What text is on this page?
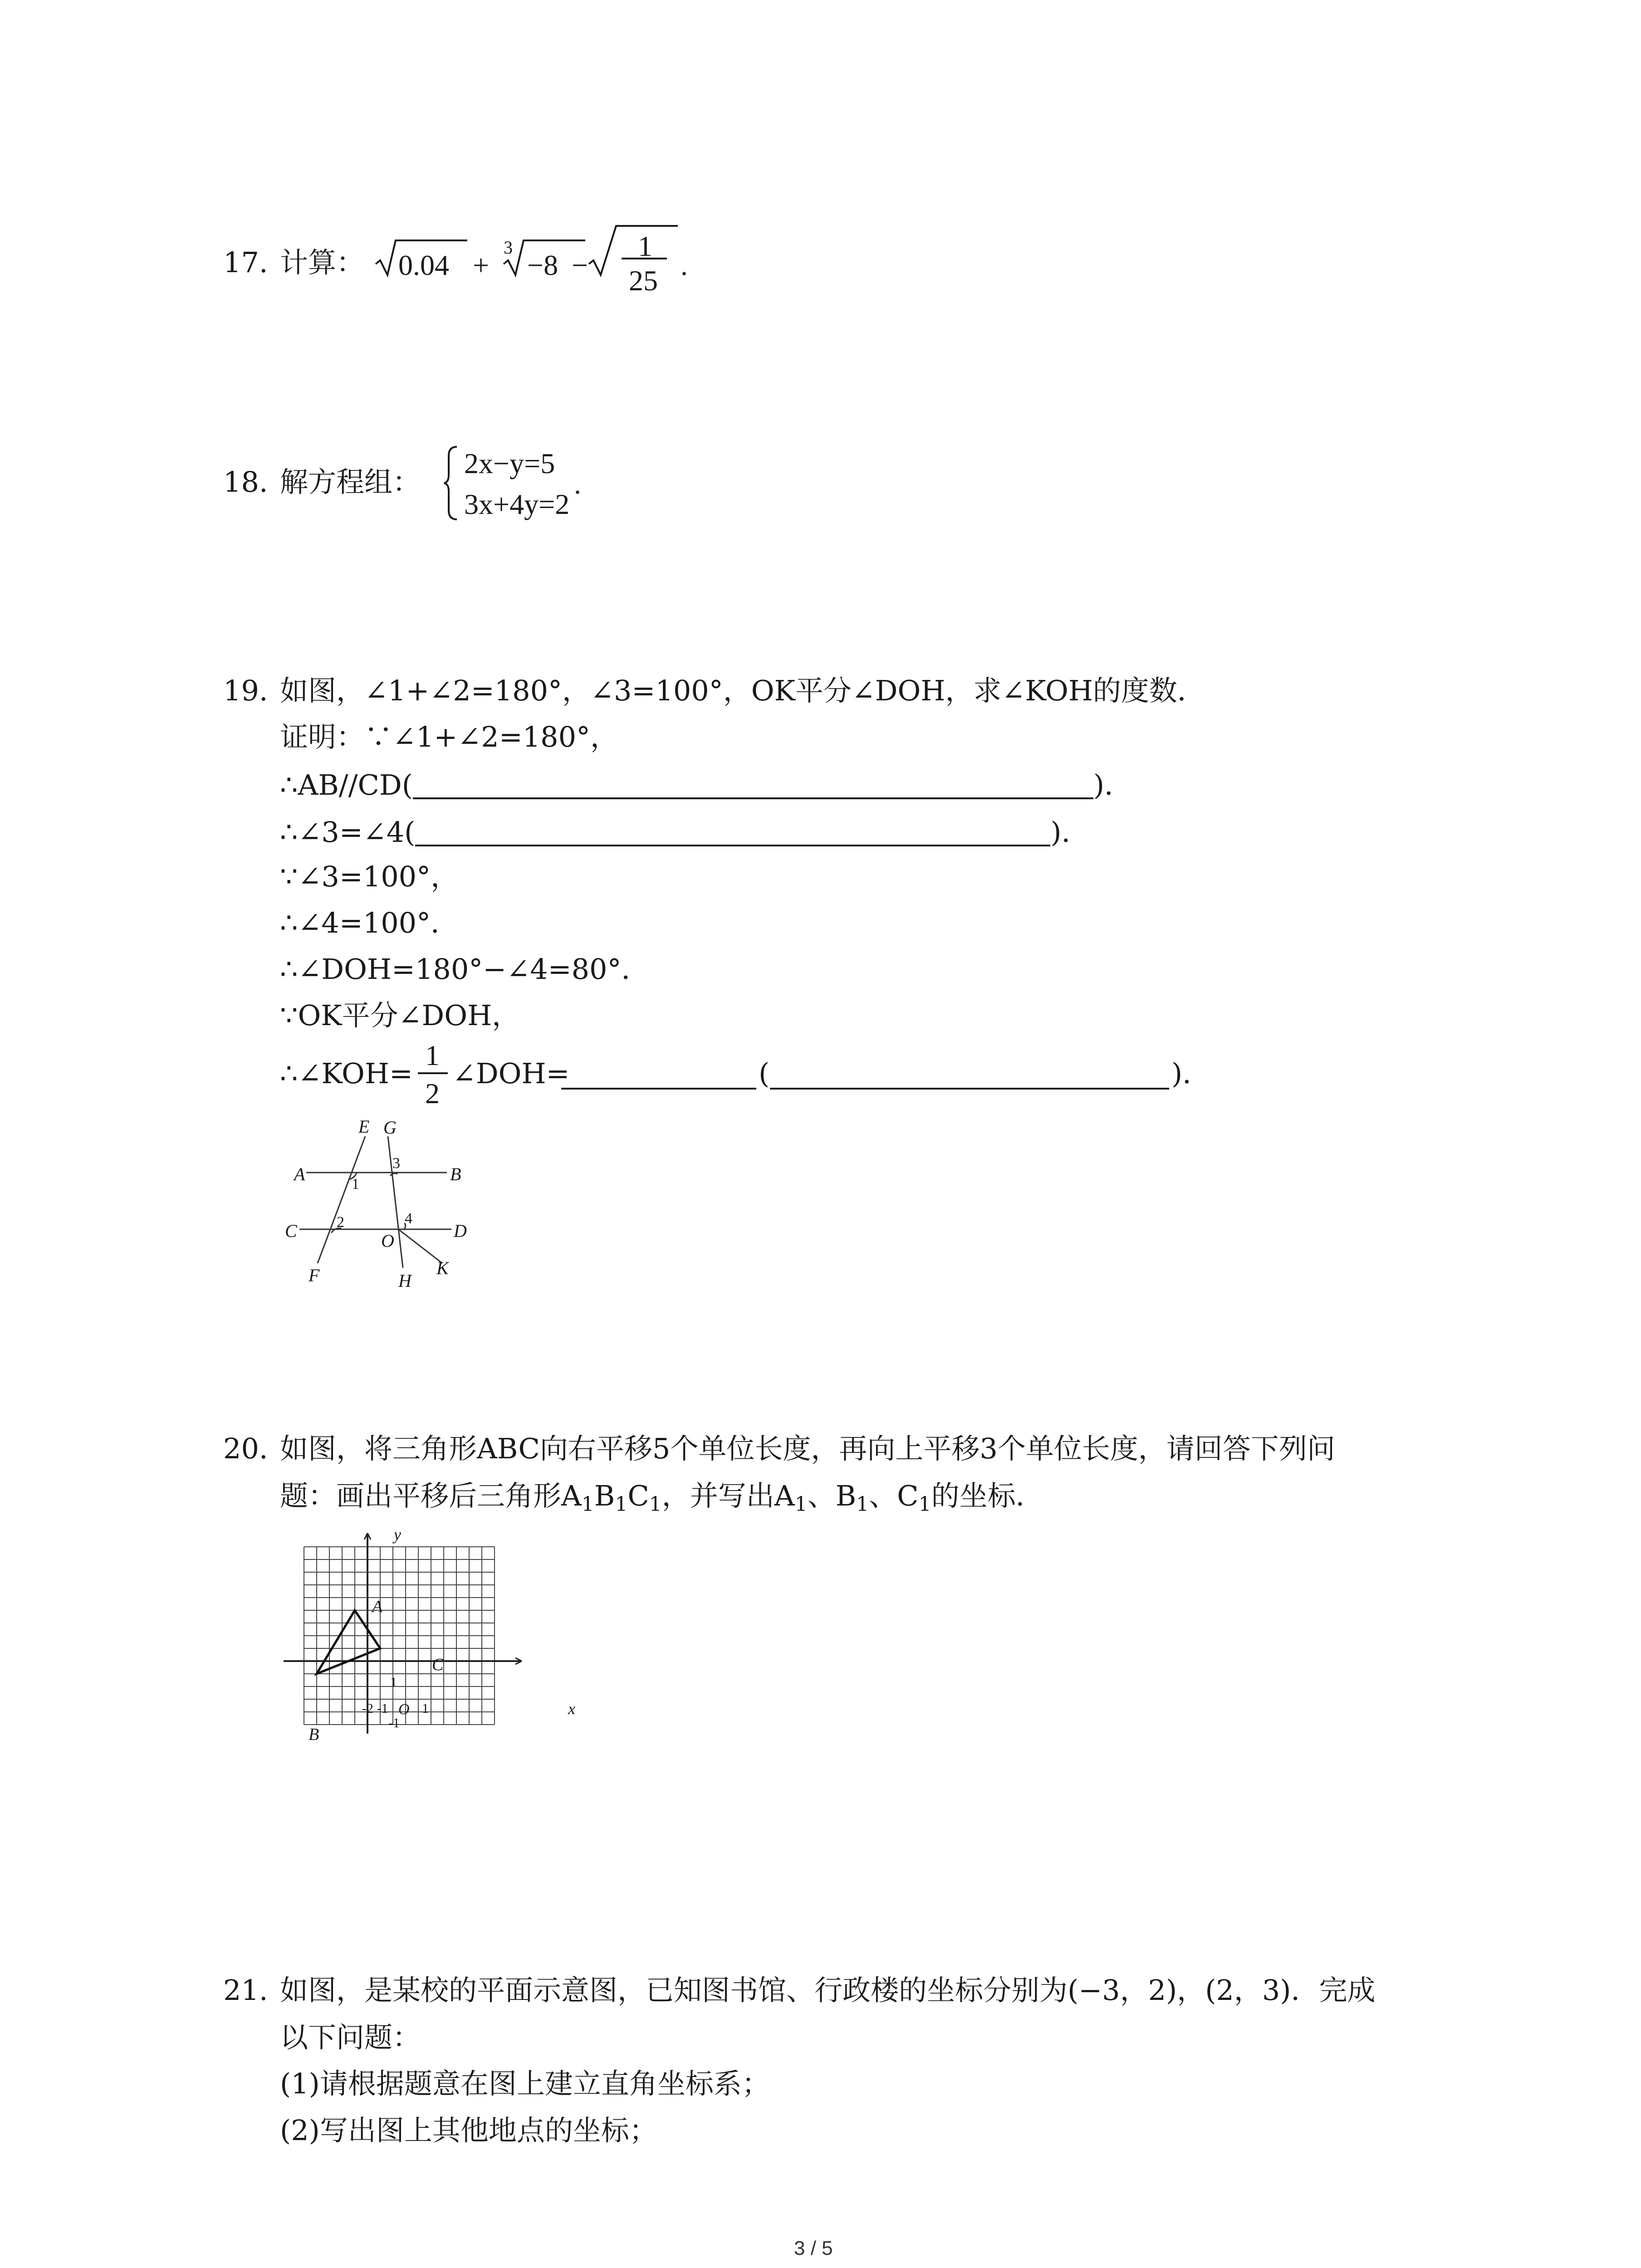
17. 计算： 0.04 +
3
−8 −
1
25 .
18. 解方程组：
2x−y=5
3x+4y=2
.
19. 如图，∠1+∠2=180°，∠3=100°，OK平分∠DOH，求∠KOH的度数．
证明：∵∠1+∠2=180°，
∴AB//CD(	)．
∴∠3=∠4(	)．
∵∠3=100°，
∴∠4=100°．
∴∠DOH=180°−∠4=80°．
∵OK平分∠DOH，
∴∠KOH=
1
2
∠DOH=	(	)．
E G
A	B
C	D
F	H
K
O
1
2
3
4
20. 如图，将三角形ABC向右平移5个单位长度，再向上平移3个单位长度，请回答下列问
题：画出平移后三角形A1B1C1，并写出A1、B1、C1的坐标．
y
x
A
B
C
O
-2 -1 1
1
-1
21. 如图，是某校的平面示意图，已知图书馆、行政楼的坐标分别为(−3，2)，(2，3)．完成
以下问题：
(1)请根据题意在图上建立直角坐标系；
(2)写出图上其他地点的坐标；
3 / 5
